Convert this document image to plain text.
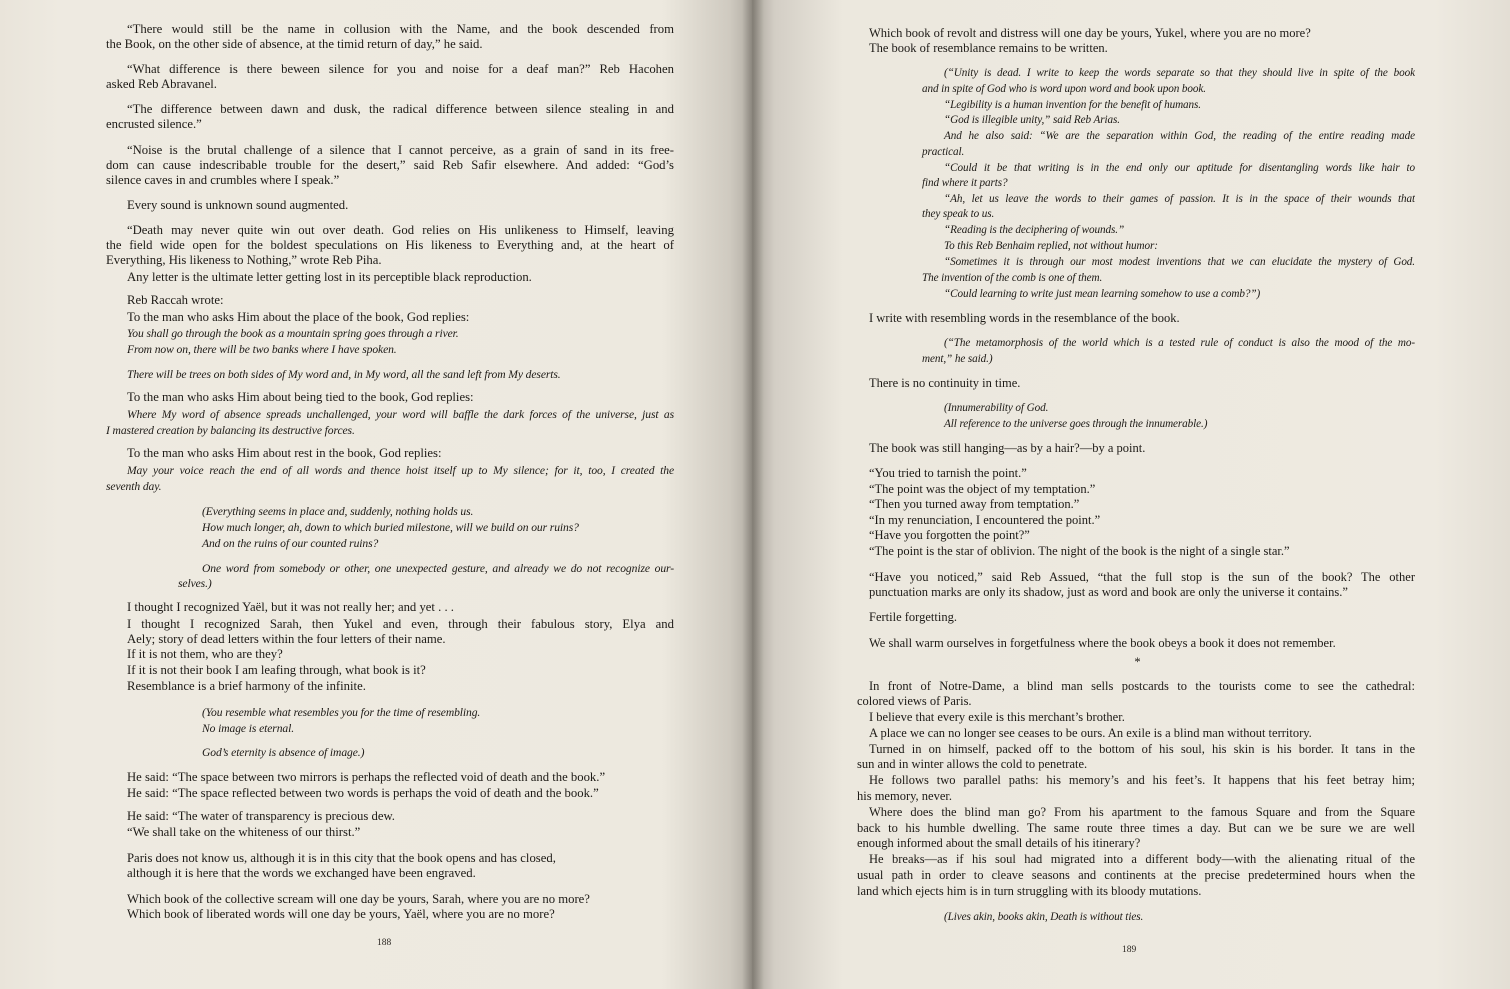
“There would still be the name in collusion with the Name, and the book descended from
the Book, on the other side of absence, at the timid return of day,” he said.
“What difference is there beween silence for you and noise for a deaf man?” Reb Hacohen
asked Reb Abravanel.
“The difference between dawn and dusk, the radical difference between silence stealing in and
encrusted silence.”
“Noise is the brutal challenge of a silence that I cannot perceive, as a grain of sand in its free-
dom can cause indescribable trouble for the desert,” said Reb Safir elsewhere. And added: “God’s
silence caves in and crumbles where I speak.”
Every sound is unknown sound augmented.
“Death may never quite win out over death. God relies on His unlikeness to Himself, leaving
the field wide open for the boldest speculations on His likeness to Everything and, at the heart of
Everything, His likeness to Nothing,” wrote Reb Piha.
Any letter is the ultimate letter getting lost in its perceptible black reproduction.
Reb Raccah wrote:
To the man who asks Him about the place of the book, God replies:
You shall go through the book as a mountain spring goes through a river.
From now on, there will be two banks where I have spoken.
There will be trees on both sides of My word and, in My word, all the sand left from My deserts.
To the man who asks Him about being tied to the book, God replies:
Where My word of absence spreads unchallenged, your word will baffle the dark forces of the universe, just as
I mastered creation by balancing its destructive forces.
To the man who asks Him about rest in the book, God replies:
May your voice reach the end of all words and thence hoist itself up to My silence; for it, too, I created the
seventh day.
(Everything seems in place and, suddenly, nothing holds us.
How much longer, ah, down to which buried milestone, will we build on our ruins?
And on the ruins of our counted ruins?
One word from somebody or other, one unexpected gesture, and already we do not recognize our-
selves.)
I thought I recognized Yaël, but it was not really her; and yet . . .
I thought I recognized Sarah, then Yukel and even, through their fabulous story, Elya and
Aely; story of dead letters within the four letters of their name.
If it is not them, who are they?
If it is not their book I am leafing through, what book is it?
Resemblance is a brief harmony of the infinite.
(You resemble what resembles you for the time of resembling.
No image is eternal.
God’s eternity is absence of image.)
He said: “The space between two mirrors is perhaps the reflected void of death and the book.”
He said: “The space reflected between two words is perhaps the void of death and the book.”
He said: “The water of transparency is precious dew.
“We shall take on the whiteness of our thirst.”
Paris does not know us, although it is in this city that the book opens and has closed,
although it is here that the words we exchanged have been engraved.
Which book of the collective scream will one day be yours, Sarah, where you are no more?
Which book of liberated words will one day be yours, Yaël, where you are no more?
188
Which book of revolt and distress will one day be yours, Yukel, where you are no more?
The book of resemblance remains to be written.
(“Unity is dead. I write to keep the words separate so that they should live in spite of the book
and in spite of God who is word upon word and book upon book.
“Legibility is a human invention for the benefit of humans.
“God is illegible unity,” said Reb Arias.
And he also said: “We are the separation within God, the reading of the entire reading made
practical.
“Could it be that writing is in the end only our aptitude for disentangling words like hair to
find where it parts?
“Ah, let us leave the words to their games of passion. It is in the space of their wounds that
they speak to us.
“Reading is the deciphering of wounds.”
To this Reb Benhaim replied, not without humor:
“Sometimes it is through our most modest inventions that we can elucidate the mystery of God.
The invention of the comb is one of them.
“Could learning to write just mean learning somehow to use a comb?”)
I write with resembling words in the resemblance of the book.
(“The metamorphosis of the world which is a tested rule of conduct is also the mood of the mo-
ment,” he said.)
There is no continuity in time.
(Innumerability of God.
All reference to the universe goes through the innumerable.)
The book was still hanging—as by a hair?—by a point.
“You tried to tarnish the point.”
“The point was the object of my temptation.”
“Then you turned away from temptation.”
“In my renunciation, I encountered the point.”
“Have you forgotten the point?”
“The point is the star of oblivion. The night of the book is the night of a single star.”
“Have you noticed,” said Reb Assued, “that the full stop is the sun of the book? The other
punctuation marks are only its shadow, just as word and book are only the universe it contains.”
Fertile forgetting.
We shall warm ourselves in forgetfulness where the book obeys a book it does not remember.
*
In front of Notre-Dame, a blind man sells postcards to the tourists come to see the cathedral:
colored views of Paris.
I believe that every exile is this merchant’s brother.
A place we can no longer see ceases to be ours. An exile is a blind man without territory.
Turned in on himself, packed off to the bottom of his soul, his skin is his border. It tans in the
sun and in winter allows the cold to penetrate.
He follows two parallel paths: his memory’s and his feet’s. It happens that his feet betray him;
his memory, never.
Where does the blind man go? From his apartment to the famous Square and from the Square
back to his humble dwelling. The same route three times a day. But can we be sure we are well
enough informed about the small details of his itinerary?
He breaks—as if his soul had migrated into a different body—with the alienating ritual of the
usual path in order to cleave seasons and continents at the precise predetermined hours when the
land which ejects him is in turn struggling with its bloody mutations.
(Lives akin, books akin, Death is without ties.
189
